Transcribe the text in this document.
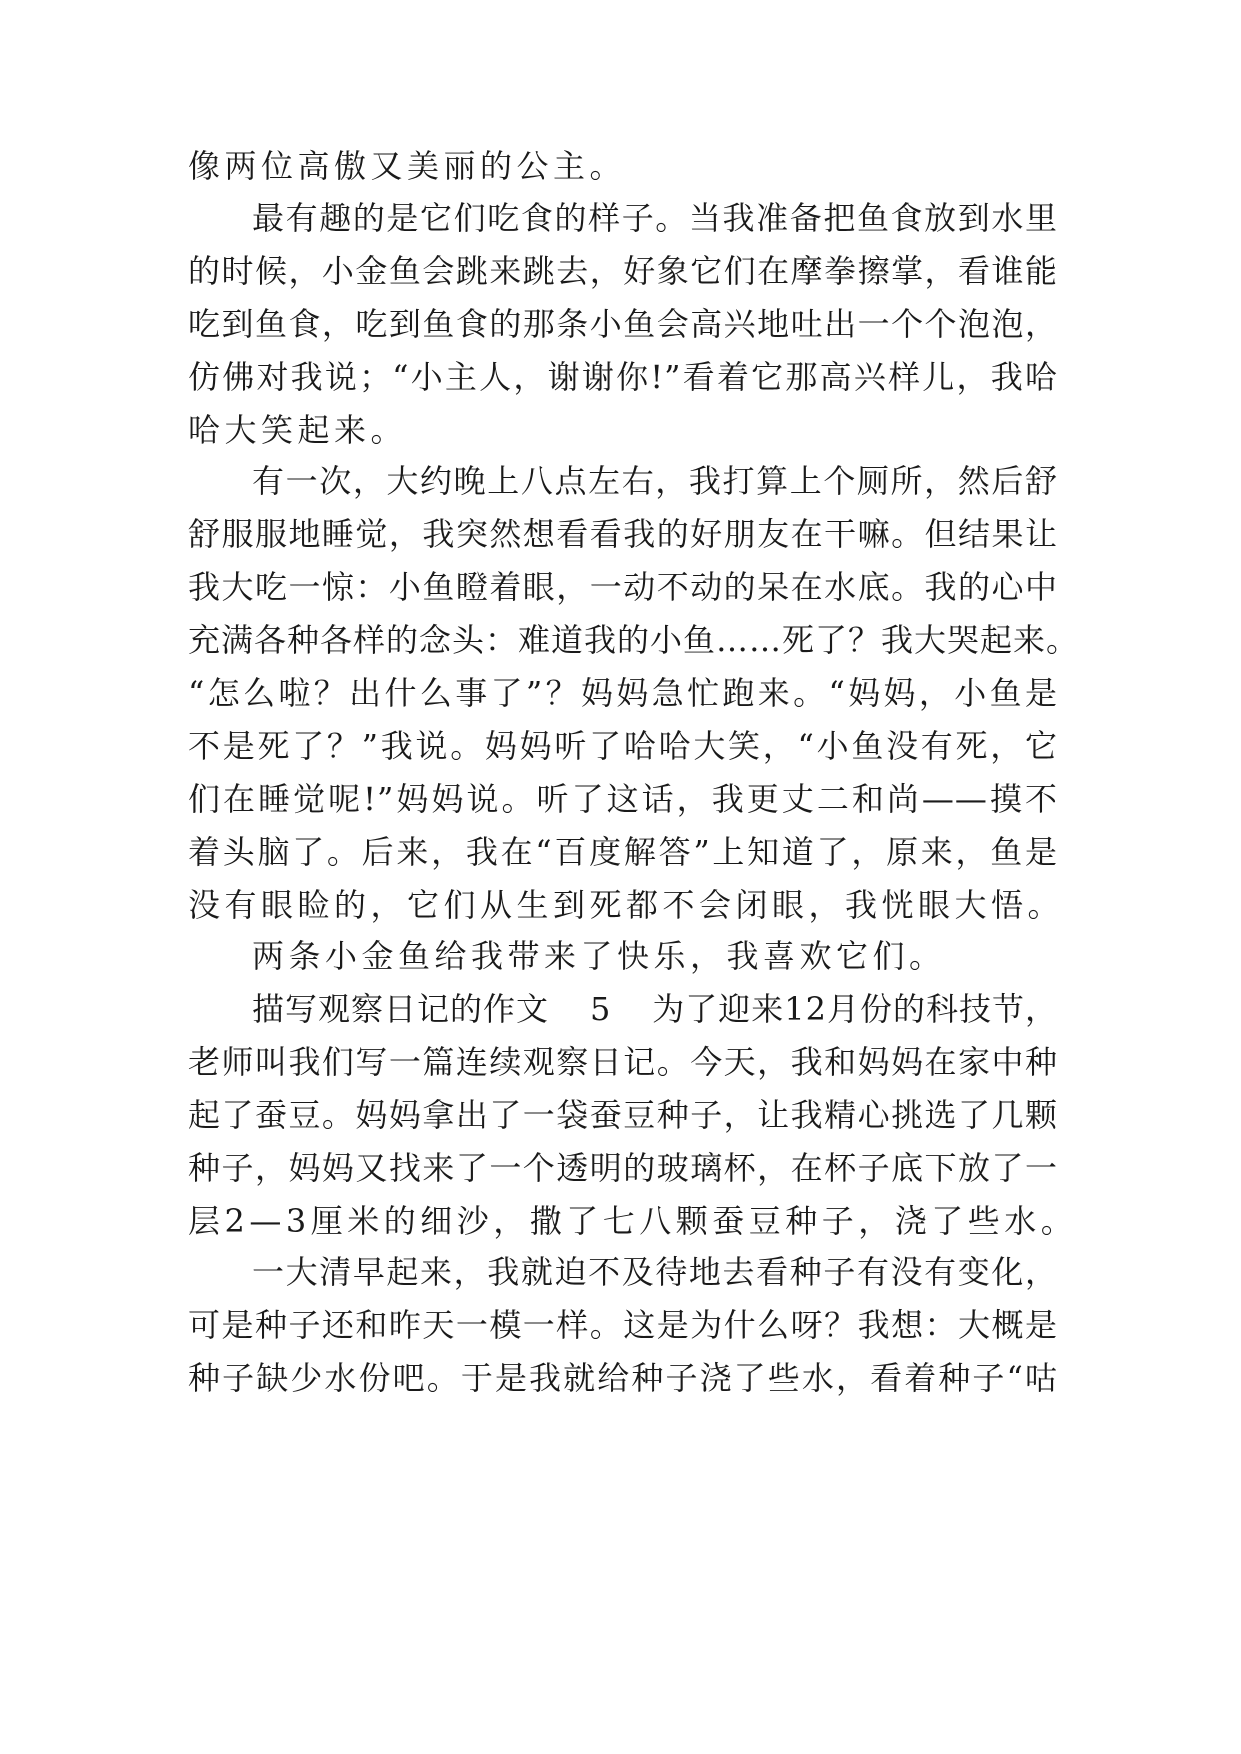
像两位高傲又美丽的公主。
最有趣的是它们吃食的样子。当我准备把鱼食放到水里
的时候，小金鱼会跳来跳去，好象它们在摩拳擦掌，看谁能
吃到鱼食，吃到鱼食的那条小鱼会高兴地吐出一个个泡泡，
仿佛对我说；“小主人，谢谢你!”看着它那高兴样儿，我哈
哈大笑起来。
有一次，大约晚上八点左右，我打算上个厕所，然后舒
舒服服地睡觉，我突然想看看我的好朋友在干嘛。但结果让
我大吃一惊：小鱼瞪着眼，一动不动的呆在水底。我的心中
充满各种各样的念头：难道我的小鱼……死了？我大哭起来。
“怎么啦？出什么事了”？妈妈急忙跑来。“妈妈，小鱼是
不是死了？”我说。妈妈听了哈哈大笑，“小鱼没有死，它
们在睡觉呢!”妈妈说。听了这话，我更丈二和尚——摸不
着头脑了。后来，我在“百度解答”上知道了，原来，鱼是
没有眼睑的，它们从生到死都不会闭眼，我恍眼大悟。
两条小金鱼给我带来了快乐，我喜欢它们。
描写观察日记的作文 5 为了迎来12月份的科技节，
老师叫我们写一篇连续观察日记。今天，我和妈妈在家中种
起了蚕豆。妈妈拿出了一袋蚕豆种子，让我精心挑选了几颗
种子，妈妈又找来了一个透明的玻璃杯，在杯子底下放了一
层2—3厘米的细沙，撒了七八颗蚕豆种子，浇了些水。
一大清早起来，我就迫不及待地去看种子有没有变化，
可是种子还和昨天一模一样。这是为什么呀？我想：大概是
种子缺少水份吧。于是我就给种子浇了些水，看着种子“咕
